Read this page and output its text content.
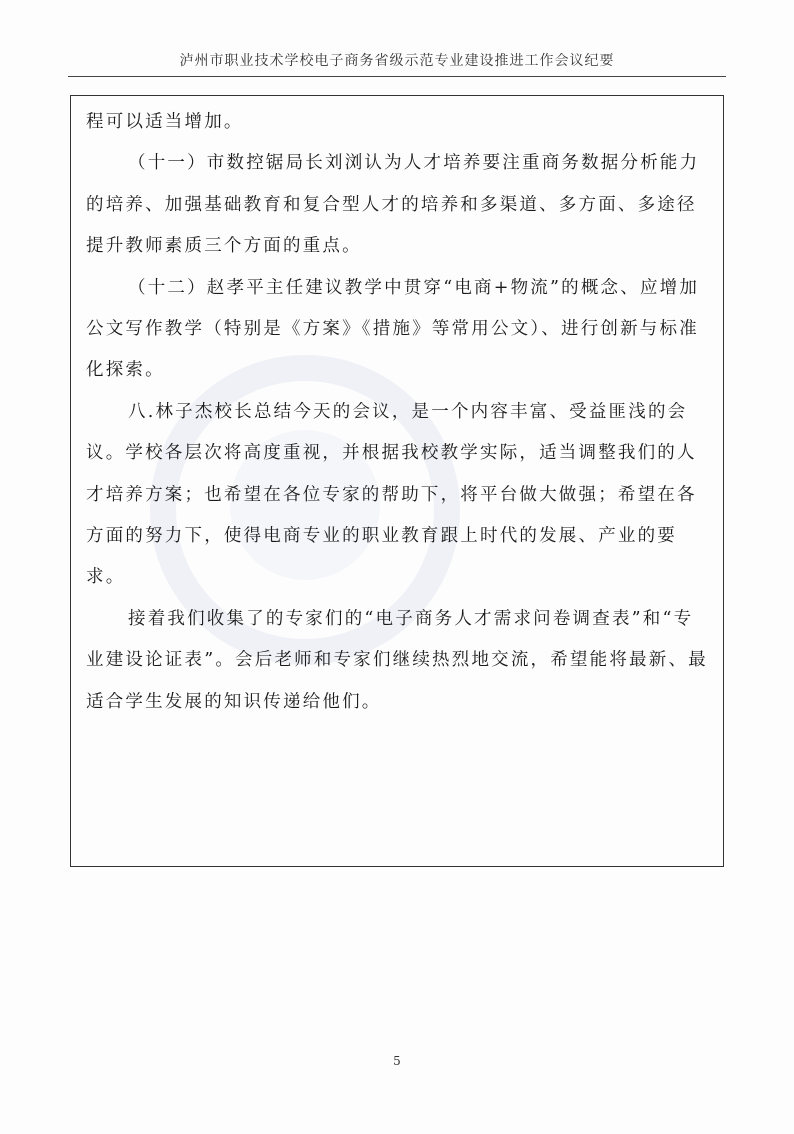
泸州市职业技术学校电子商务省级示范专业建设推进工作会议纪要

程可以适当增加。

（十一）市数控锯局长刘浏认为人才培养要注重商务数据分析能力的培养、加强基础教育和复合型人才的培养和多渠道、多方面、多途径提升教师素质三个方面的重点。

（十二）赵孝平主任建议教学中贯穿“电商+物流”的概念、应增加公文写作教学（特别是《方案》《措施》等常用公文）、进行创新与标准化探索。

八.林子杰校长总结今天的会议，是一个内容丰富、受益匪浅的会议。学校各层次将高度重视，并根据我校教学实际，适当调整我们的人才培养方案；也希望在各位专家的帮助下，将平台做大做强；希望在各方面的努力下，使得电商专业的职业教育跟上时代的发展、产业的要求。

接着我们收集了的专家们的“电子商务人才需求问卷调查表”和“专业建设论证表”。会后老师和专家们继续热烈地交流，希望能将最新、最适合学生发展的知识传递给他们。

5
